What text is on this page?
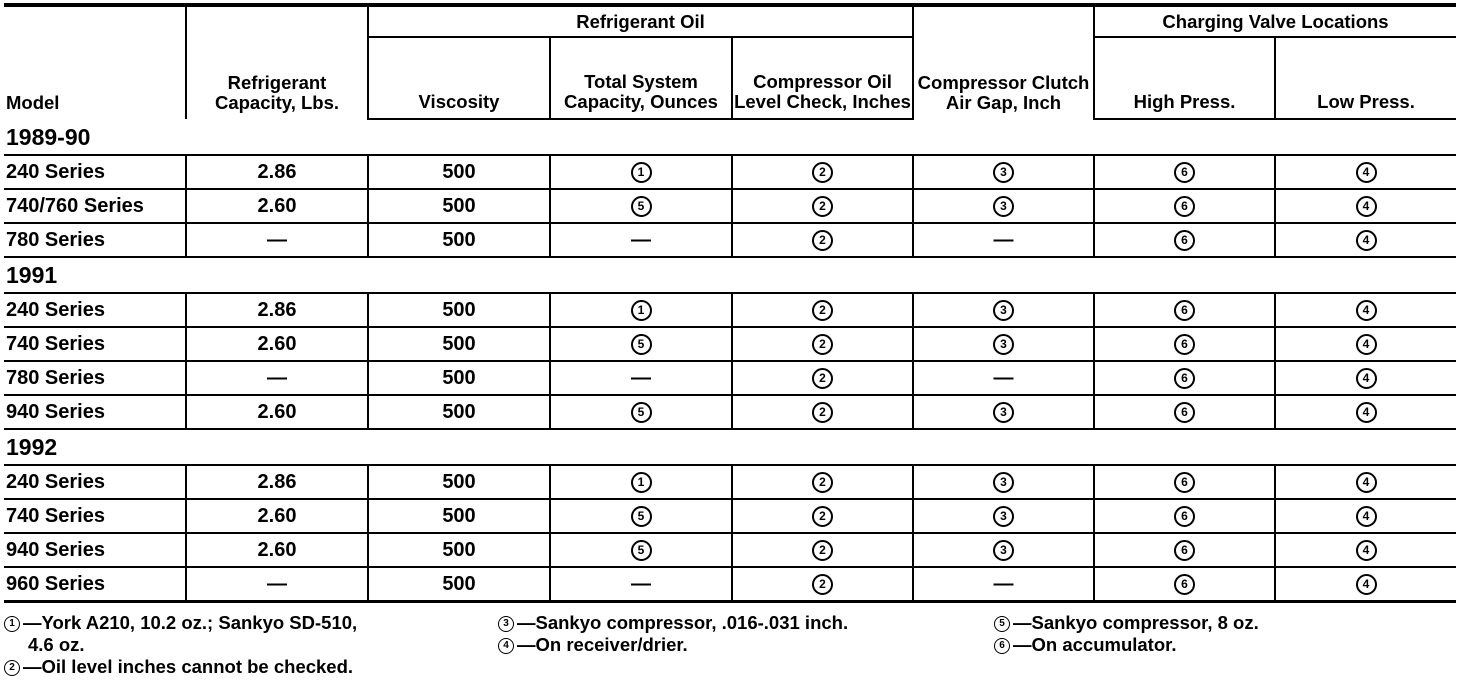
Model	Refrigerant Capacity, Lbs.	Refrigerant Oil			Compressor Clutch Air Gap, Inch	Charging Valve Locations	
		Viscosity	Total System Capacity, Ounces	Compressor Oil Level Check, Inches		High Press.	Low Press.
1989-90							
240 Series	2.86	500	1	2	3	6	4
740/760 Series	2.60	500	5	2	3	6	4
780 Series	—	500	—	2	—	6	4
1991							
240 Series	2.86	500	1	2	3	6	4
740 Series	2.60	500	5	2	3	6	4
780 Series	—	500	—	2	—	6	4
940 Series	2.60	500	5	2	3	6	4
1992							
240 Series	2.86	500	1	2	3	6	4
740 Series	2.60	500	5	2	3	6	4
940 Series	2.60	500	5	2	3	6	4
960 Series	—	500	—	2	—	6	4
1 —York A210, 10.2 oz.; Sankyo SD-510,
4.6 oz.
2 —Oil level inches cannot be checked.
3 —Sankyo compressor, .016-.031 inch.
4 —On receiver/drier.
5 —Sankyo compressor, 8 oz.
6 —On accumulator.
